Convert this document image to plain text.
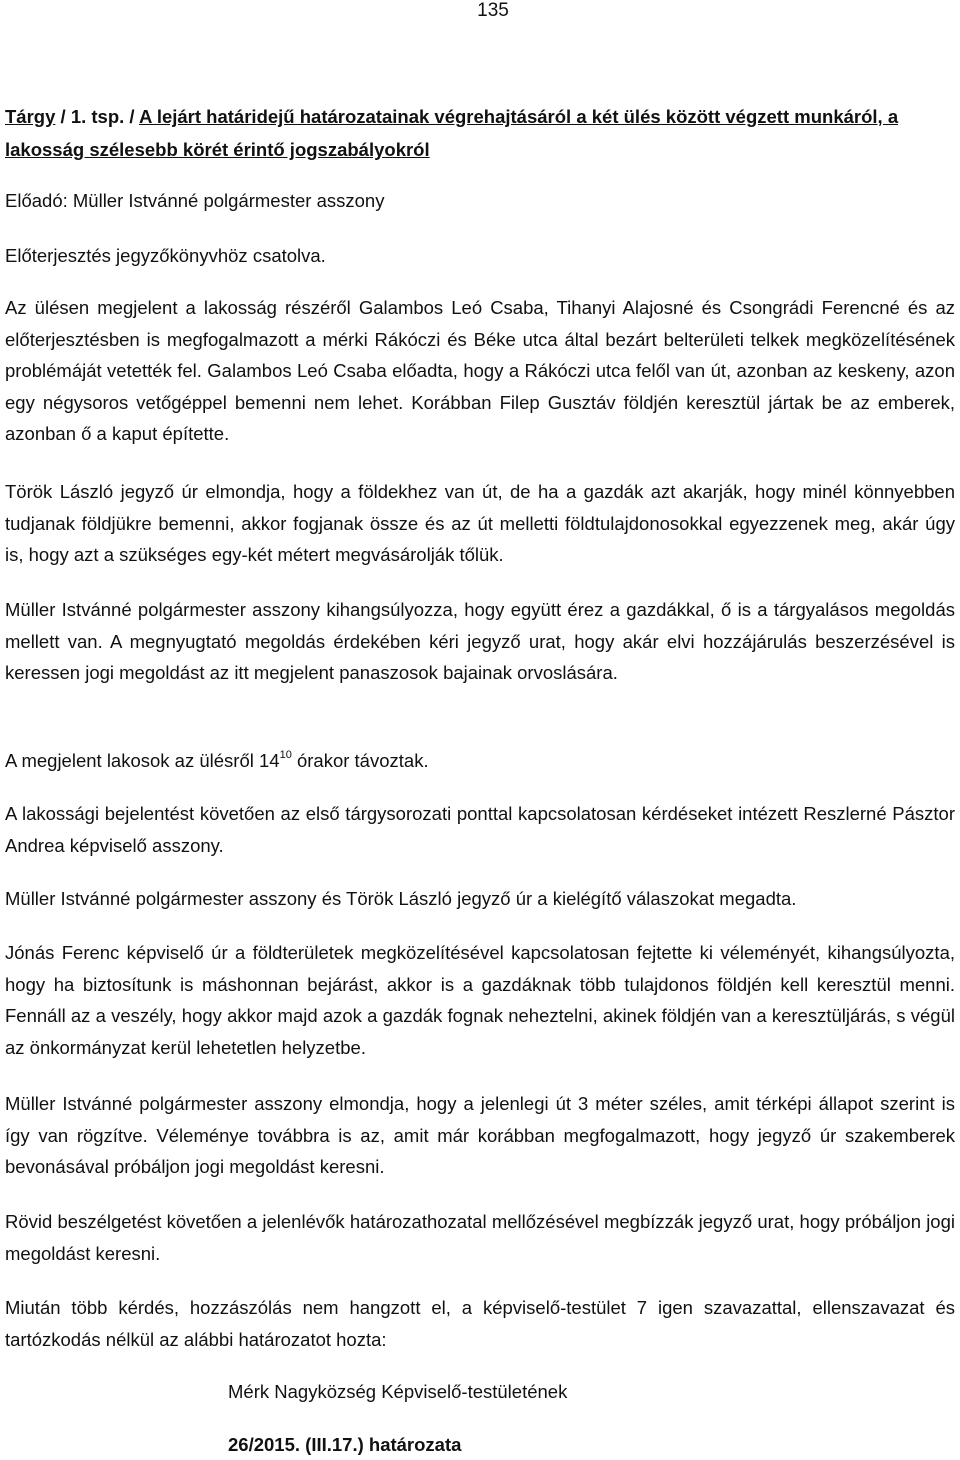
135
Tárgy / 1. tsp. / A lejárt határidejű határozatainak végrehajtásáról a két ülés között végzett munkáról, a lakosság szélesebb körét érintő jogszabályokról
Előadó: Müller Istvánné polgármester asszony
Előterjesztés jegyzőkönyvhöz csatolva.
Az ülésen megjelent a lakosság részéről Galambos Leó Csaba, Tihanyi Alajosné és Csongrádi Ferencné és az előterjesztésben is megfogalmazott a mérki Rákóczi és Béke utca által bezárt belterületi telkek megközelítésének problémáját vetették fel. Galambos Leó Csaba előadta, hogy a Rákóczi utca felől van út, azonban az keskeny, azon egy négysoros vetőgéppel bemenni nem lehet. Korábban Filep Gusztáv földjén keresztül jártak be az emberek, azonban ő a kaput építette.
Török László jegyző úr elmondja, hogy a földekhez van út, de ha a gazdák azt akarják, hogy minél könnyebben tudjanak földjükre bemenni, akkor fogjanak össze és az út melletti földtulajdonosokkal egyezzenek meg, akár úgy is, hogy azt a szükséges egy-két métert megvásárolják tőlük.
Müller Istvánné polgármester asszony kihangsúlyozza, hogy együtt érez a gazdákkal, ő is a tárgyalásos megoldás mellett van. A megnyugtató megoldás érdekében kéri jegyző urat, hogy akár elvi hozzájárulás beszerzésével is keressen jogi megoldást az itt megjelent panaszosok bajainak orvoslására.
A megjelent lakosok az ülésről $14^{10}$ órakor távoztak.
A lakossági bejelentést követően az első tárgysorozati ponttal kapcsolatosan kérdéseket intézett Reszlerné Pásztor Andrea képviselő asszony.
Müller Istvánné polgármester asszony és Török László jegyző úr a kielégítő válaszokat megadta.
Jónás Ferenc képviselő úr a földterületek megközelítésével kapcsolatosan fejtette ki véleményét, kihangsúlyozta, hogy ha biztosítunk is máshonnan bejárást, akkor is a gazdáknak több tulajdonos földjén kell keresztül menni. Fennáll az a veszély, hogy akkor majd azok a gazdák fognak neheztelni, akinek földjén van a keresztüljárás, s végül az önkormányzat kerül lehetetlen helyzetbe.
Müller Istvánné polgármester asszony elmondja, hogy a jelenlegi út 3 méter széles, amit térképi állapot szerint is így van rögzítve. Véleménye továbbra is az, amit már korábban megfogalmazott, hogy jegyző úr szakemberek bevonásával próbáljon jogi megoldást keresni.
Rövid beszélgetést követően a jelenlévők határozathozatal mellőzésével megbízzák jegyző urat, hogy próbáljon jogi megoldást keresni.
Miután több kérdés, hozzászólás nem hangzott el, a képviselő-testület 7 igen szavazattal, ellenszavazat és tartózkodás nélkül az alábbi határozatot hozta:
Mérk Nagyközség Képviselő-testületének
26/2015. (III.17.) határozata
